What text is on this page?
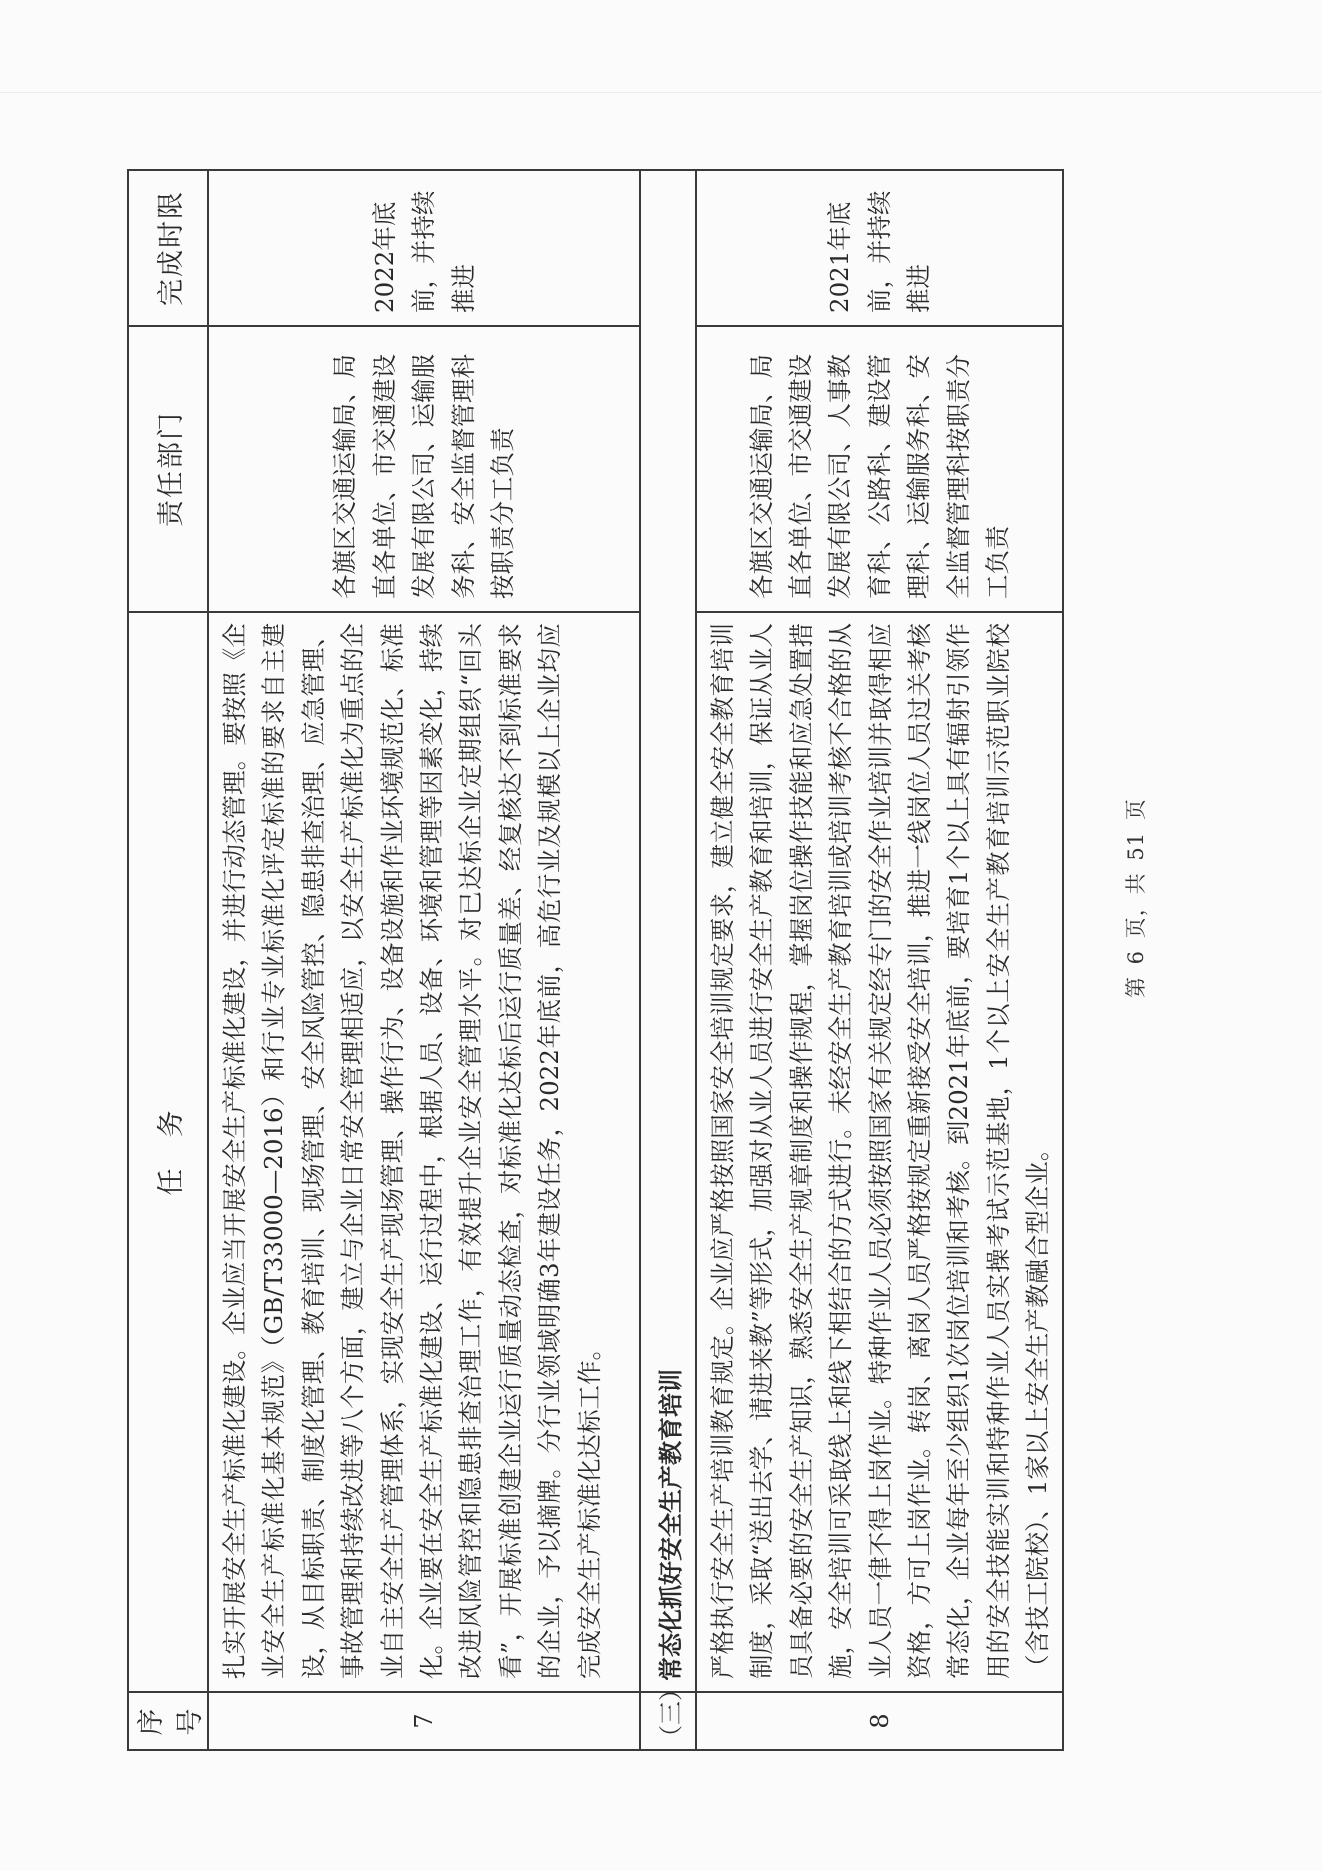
序号	任　务	责任部门	完成时限
7	扎实开展安全生产标准化建设。企业应当开展安全生产标准化建设，并进行动态管理。要按照《企业安全生产标准化基本规范》（GB/T33000—2016）和行业专业标准化评定标准的要求自主建设，从目标职责、制度化管理、教育培训、现场管理、安全风险管控、隐患排查治理、应急管理、事故管理和持续改进等八个方面，建立与企业日常安全管理相适应，以安全生产标准化为重点的企业自主安全生产管理体系，实现安全生产现场管理、操作行为、设备设施和作业环境规范化、标准化。企业要在安全生产标准化建设、运行过程中，根据人员、设备、环境和管理等因素变化，持续改进风险管控和隐患排查治理工作，有效提升企业安全管理水平。对已达标企业定期组织“回头看”，开展标准创建企业运行质量动态检查，对标准化达标后运行质量差、经复核达不到标准要求的企业，予以摘牌。分行业领域明确3年建设任务，2022年底前，高危行业及规模以上企业均应完成安全生产标准化达标工作。	各旗区交通运输局、局直各单位、市交通建设发展有限公司、运输服务科、安全监督管理科按职责分工负责	2022年底前，并持续推进
（三）	常态化抓好安全生产教育培训		
8	严格执行安全生产培训教育规定。企业应严格按照国家安全培训规定要求，建立健全安全教育培训制度，采取“送出去学、请进来教”等形式，加强对从业人员进行安全生产教育和培训，保证从业人员具备必要的安全生产知识，熟悉安全生产规章制度和操作规程，掌握岗位操作技能和应急处置措施，安全培训可采取线上和线下相结合的方式进行。未经安全生产教育培训或培训考核不合格的从业人员一律不得上岗作业。特种作业人员必须按照国家有关规定经专门的安全作业培训并取得相应资格，方可上岗作业。转岗、离岗人员严格按规定重新接受安全培训，推进一线岗位人员过关考核常态化，企业每年至少组织1次岗位培训和考核。到2021年底前，要培育1个以上具有辐射引领作用的安全技能实训和特种作业人员实操考试示范基地，1个以上安全生产教育培训示范职业院校（含技工院校）、1家以上安全生产教融合型企业。	各旗区交通运输局、局直各单位、市交通建设发展有限公司、人事教育科、公路科、建设管理科、运输服务科、安全监督管理科按职责分工负责	2021年底前，并持续推进
第 6 页，共 51 页
